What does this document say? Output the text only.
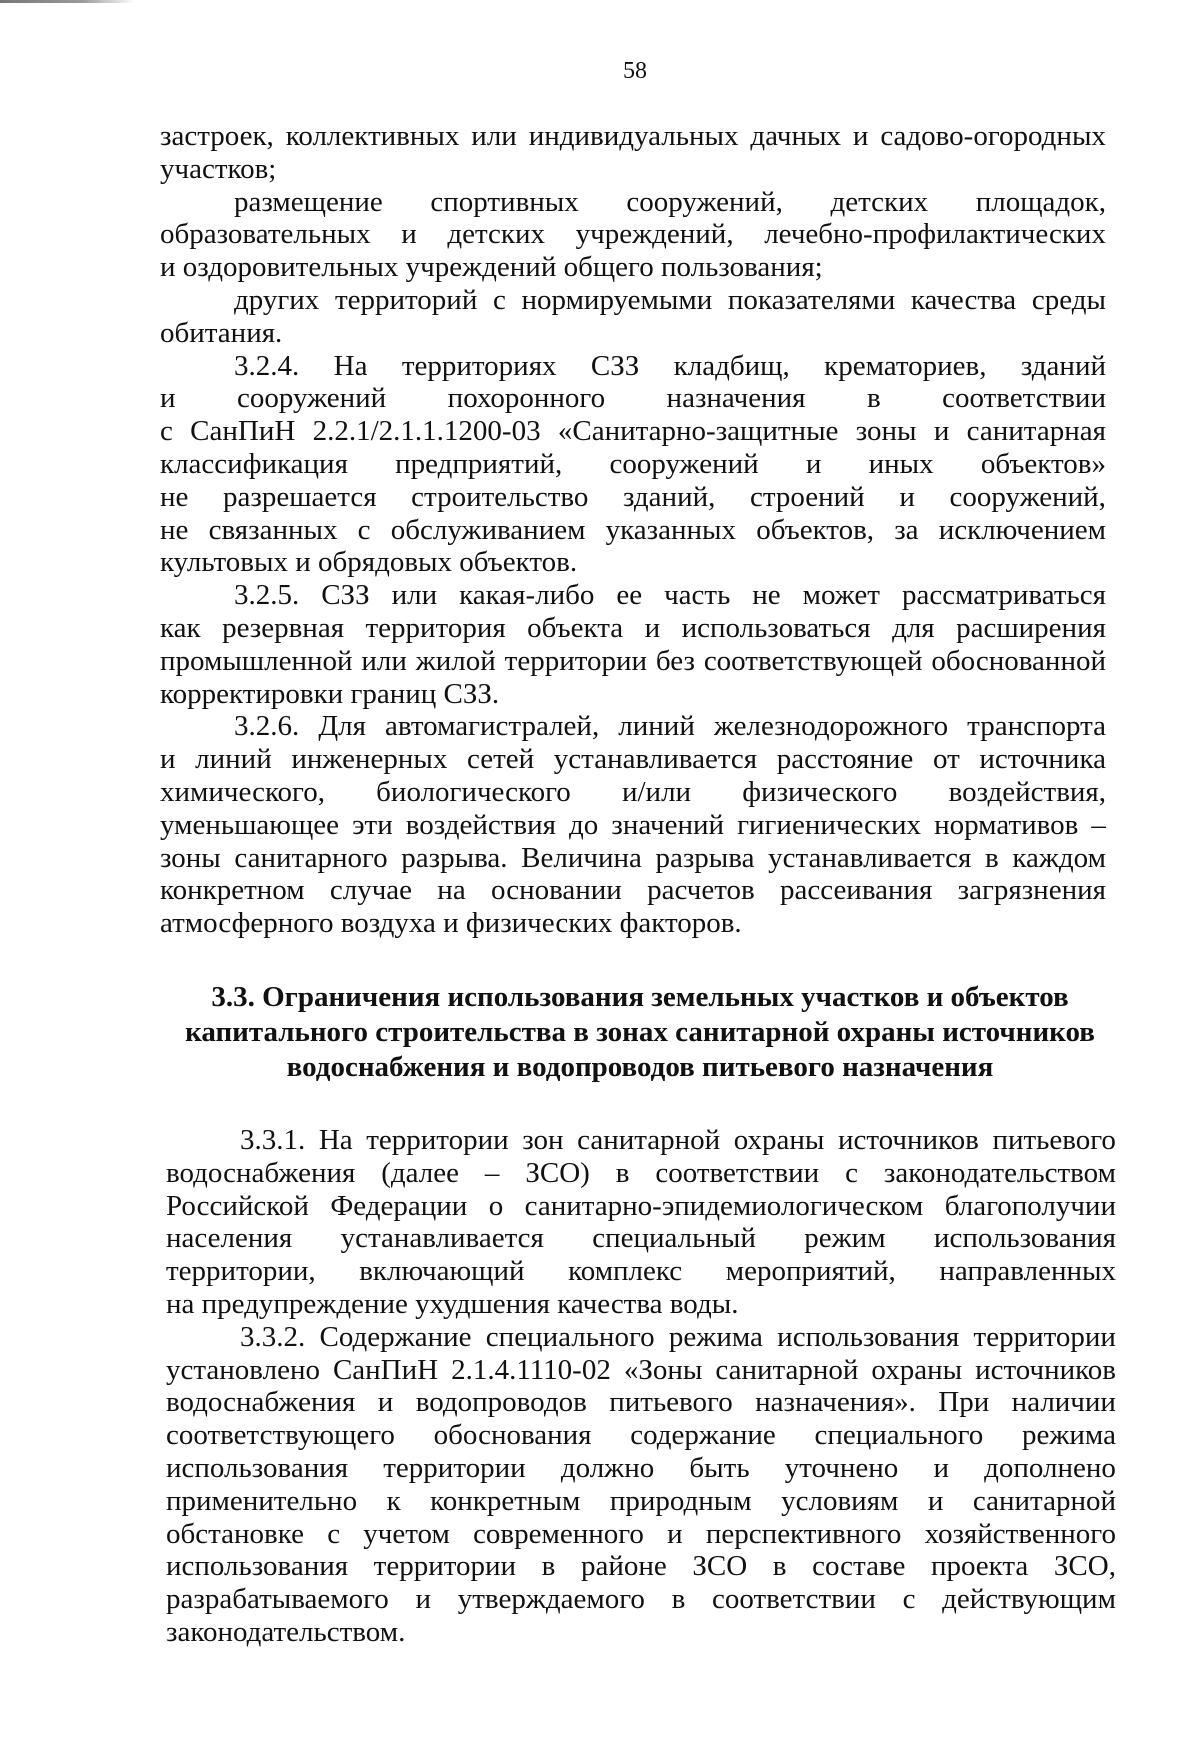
58
застроек, коллективных или индивидуальных дачных и садово-огородных
участков;
размещение спортивных сооружений, детских площадок,
образовательных и детских учреждений, лечебно-профилактических
и оздоровительных учреждений общего пользования;
других территорий с нормируемыми показателями качества среды
обитания.
3.2.4. На территориях СЗЗ кладбищ, крематориев, зданий
и сооружений похоронного назначения в соответствии
с СанПиН 2.2.1/2.1.1.1200-03 «Санитарно-защитные зоны и санитарная
классификация предприятий, сооружений и иных объектов»
не разрешается строительство зданий, строений и сооружений,
не связанных с обслуживанием указанных объектов, за исключением
культовых и обрядовых объектов.
3.2.5. СЗЗ или какая-либо ее часть не может рассматриваться
как резервная территория объекта и использоваться для расширения
промышленной или жилой территории без соответствующей обоснованной
корректировки границ СЗЗ.
3.2.6. Для автомагистралей, линий железнодорожного транспорта
и линий инженерных сетей устанавливается расстояние от источника
химического, биологического и/или физического воздействия,
уменьшающее эти воздействия до значений гигиенических нормативов –
зоны санитарного разрыва. Величина разрыва устанавливается в каждом
конкретном случае на основании расчетов рассеивания загрязнения
атмосферного воздуха и физических факторов.
3.3. Ограничения использования земельных участков и объектов
капитального строительства в зонах санитарной охраны источников
водоснабжения и водопроводов питьевого назначения
3.3.1. На территории зон санитарной охраны источников питьевого
водоснабжения (далее – ЗСО) в соответствии с законодательством
Российской Федерации о санитарно-эпидемиологическом благополучии
населения устанавливается специальный режим использования
территории, включающий комплекс мероприятий, направленных
на предупреждение ухудшения качества воды.
3.3.2. Содержание специального режима использования территории
установлено СанПиН 2.1.4.1110-02 «Зоны санитарной охраны источников
водоснабжения и водопроводов питьевого назначения». При наличии
соответствующего обоснования содержание специального режима
использования территории должно быть уточнено и дополнено
применительно к конкретным природным условиям и санитарной
обстановке с учетом современного и перспективного хозяйственного
использования территории в районе ЗСО в составе проекта ЗСО,
разрабатываемого и утверждаемого в соответствии с действующим
законодательством.
